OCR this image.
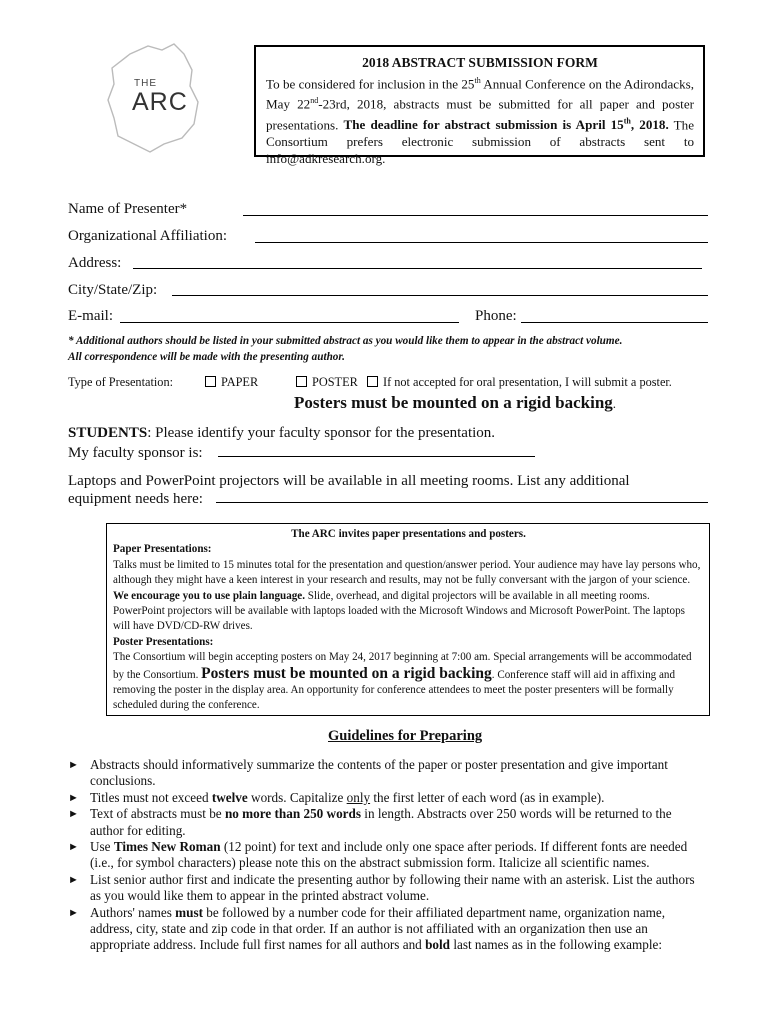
THE
ARC
2018 ABSTRACT SUBMISSION FORM
To be considered for inclusion in the 25th Annual Conference on the Adirondacks, May 22nd-23rd, 2018, abstracts must be submitted for all paper and poster presentations. The deadline for abstract submission is April 15th, 2018. The Consortium prefers electronic submission of abstracts sent to info@adkresearch.org.
Name of Presenter*
Organizational Affiliation:
Address:
City/State/Zip:
E-mail:	Phone:
* Additional authors should be listed in your submitted abstract as you would like them to appear in the abstract volume.
All correspondence will be made with the presenting author.
Type of Presentation:	PAPER	POSTER If not accepted for oral presentation, I will submit a poster.
Posters must be mounted on a rigid backing.
STUDENTS: Please identify your faculty sponsor for the presentation.
My faculty sponsor is:
Laptops and PowerPoint projectors will be available in all meeting rooms. List any additional
equipment needs here:
The ARC invites paper presentations and posters.
Paper Presentations:
Talks must be limited to 15 minutes total for the presentation and question/answer period. Your audience may have lay persons who, although they might have a keen interest in your research and results, may not be fully conversant with the jargon of your science. We encourage you to use plain language. Slide, overhead, and digital projectors will be available in all meeting rooms. PowerPoint projectors will be available with laptops loaded with the Microsoft Windows and Microsoft PowerPoint. The laptops will have DVD/CD-RW drives.
Poster Presentations:
The Consortium will begin accepting posters on May 24, 2017 beginning at 7:00 am. Special arrangements will be accommodated by the Consortium. Posters must be mounted on a rigid backing. Conference staff will aid in affixing and removing the poster in the display area. An opportunity for conference attendees to meet the poster presenters will be formally scheduled during the conference.
Guidelines for Preparing
► Abstracts should informatively summarize the contents of the paper or poster presentation and give important conclusions.
► Titles must not exceed twelve words. Capitalize only the first letter of each word (as in example).
► Text of abstracts must be no more than 250 words in length. Abstracts over 250 words will be returned to the author for editing.
► Use Times New Roman (12 point) for text and include only one space after periods. If different fonts are needed (i.e., for symbol characters) please note this on the abstract submission form. Italicize all scientific names.
► List senior author first and indicate the presenting author by following their name with an asterisk. List the authors as you would like them to appear in the printed abstract volume.
► Authors' names must be followed by a number code for their affiliated department name, organization name, address, city, state and zip code in that order. If an author is not affiliated with an organization then use an appropriate address. Include full first names for all authors and bold last names as in the following example:
